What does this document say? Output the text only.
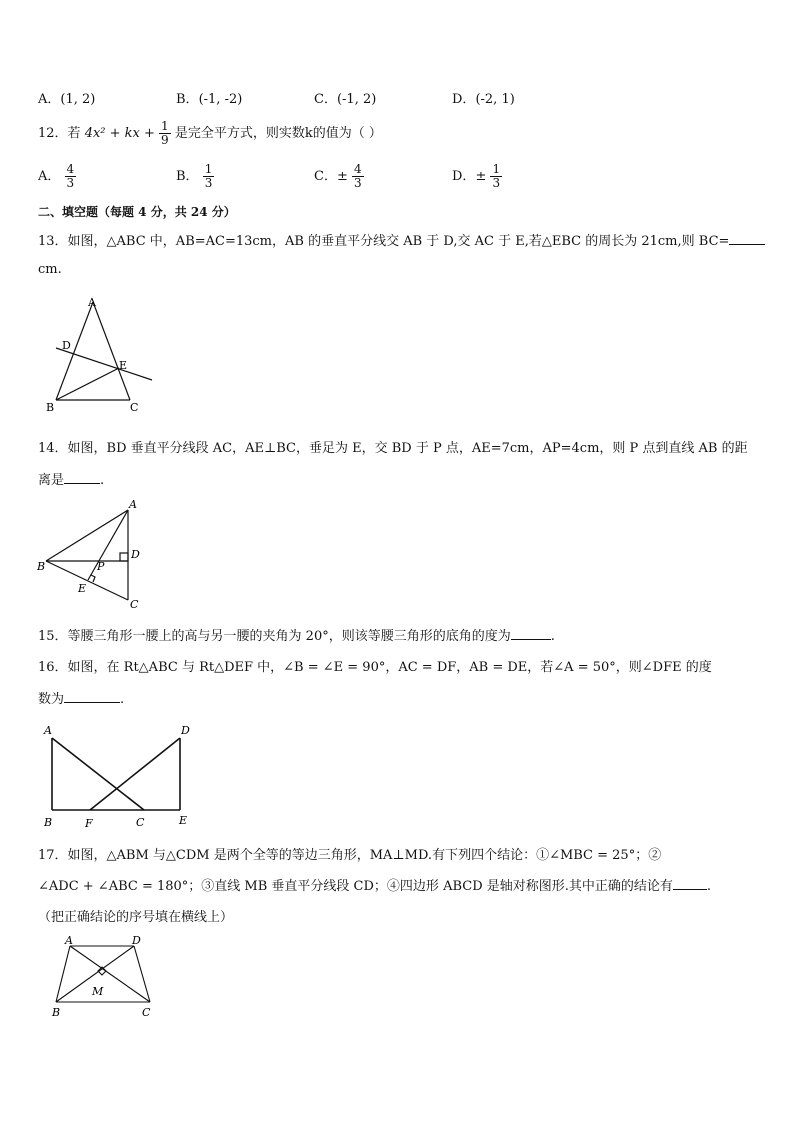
A．(1, 2)	B．(-1, -2)	C．(-1, 2)	D．(-2, 1)
12．若 4x² + kx + $\frac{1}{9}$ 是完全平方式，则实数k的值为（ ）
A． $\frac{4}{3}$	B． $\frac{1}{3}$	C．± $\frac{4}{3}$	D．± $\frac{1}{3}$
二、填空题（每题 4 分，共 24 分）
13．如图，△ABC 中，AB=AC=13cm，AB 的垂直平分线交 AB 于 D,交 AC 于 E,若△EBC 的周长为 21cm,则 BC=
cm.
A
D
E
B	C
14．如图，BD 垂直平分线段 AC，AE⊥BC，垂足为 E，交 BD 于 P 点，AE=7cm，AP=4cm，则 P 点到直线 AB 的距
离是	.
A
B
D
P
E
C
15．等腰三角形一腰上的高与另一腰的夹角为 20°，则该等腰三角形的底角的度为	.
16．如图，在 Rt△ABC 与 Rt△DEF 中，∠B = ∠E = 90°，AC = DF，AB = DE，若∠A = 50°，则∠DFE 的度
数为	.
A	D
B	F	C	E
17．如图，△ABM 与△CDM 是两个全等的等边三角形，MA⊥MD.有下列四个结论：①∠MBC = 25°；②
∠ADC + ∠ABC = 180°；③直线 MB 垂直平分线段 CD；④四边形 ABCD 是轴对称图形.其中正确的结论有	.
（把正确结论的序号填在横线上）
A	D
M
B	C
